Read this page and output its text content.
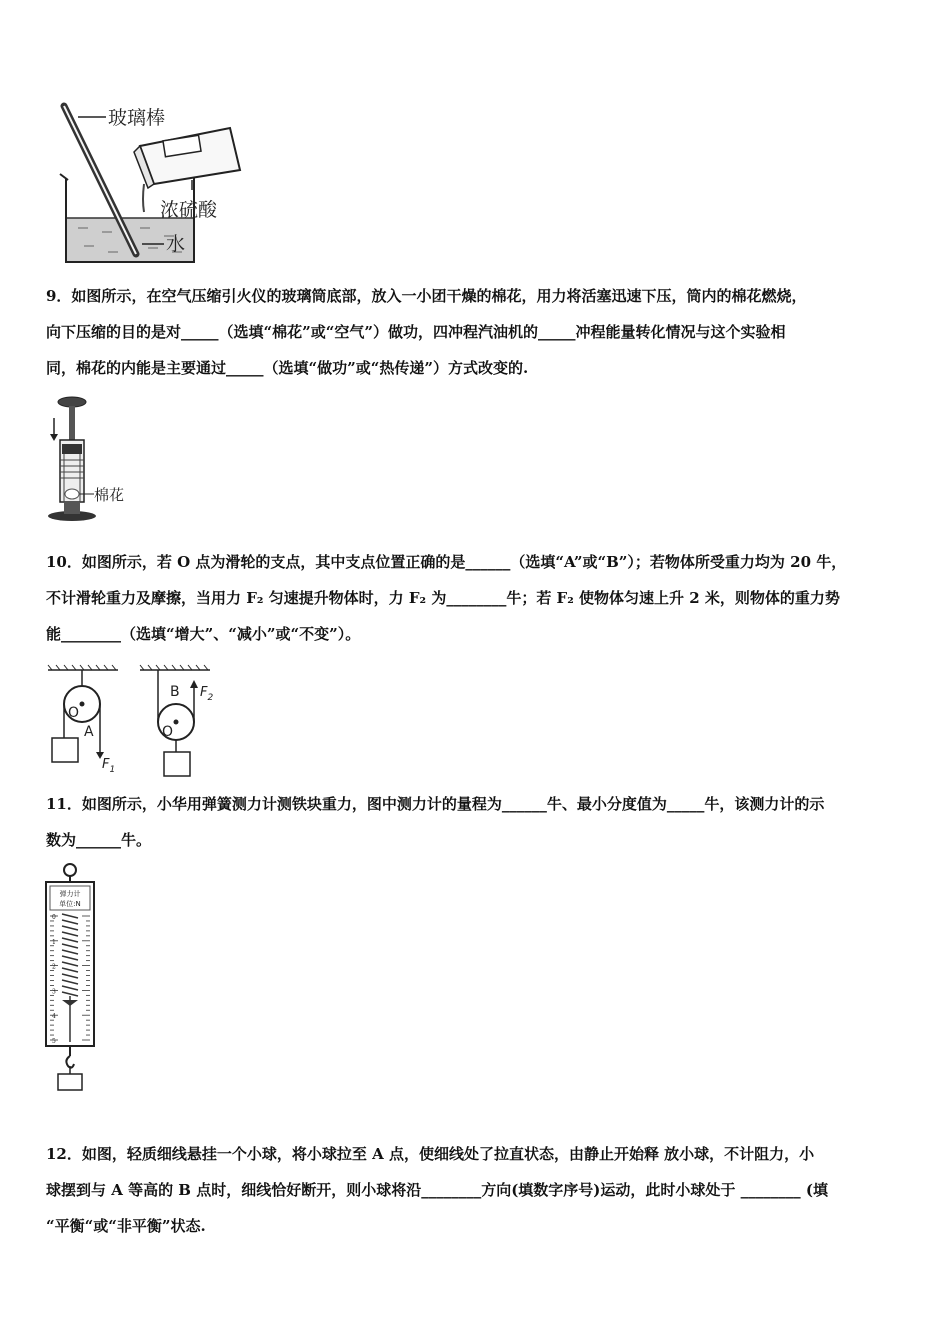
玻璃棒
浓硫酸
水

9．如图所示，在空气压缩引火仪的玻璃筒底部，放入一小团干燥的棉花，用力将活塞迅速下压，筒内的棉花燃烧，

向下压缩的目的是对_____（选填“棉花”或“空气”）做功，四冲程汽油机的_____冲程能量转化情况与这个实验相

同，棉花的内能是主要通过_____（选填“做功”或“热传递”）方式改变的.

棉花

10．如图所示，若 O 点为滑轮的支点，其中支点位置正确的是______（选填“A”或“B”）；若物体所受重力均为 20 牛，

不计滑轮重力及摩擦，当用力 F₂ 匀速提升物体时，力 F₂ 为________牛；若 F₂ 使物体匀速上升 2 米，则物体的重力势

能________（选填“增大”、“减小”或“不变”）。

O
A
$F_1$
B
O
$F_2$

11．如图所示，小华用弹簧测力计测铁块重力，图中测力计的量程为______牛、最小分度值为_____牛，该测力计的示

数为______牛。

弹力计
单位:N
0
1
2
3
4
5

12．如图，轻质细线悬挂一个小球，将小球拉至 A 点，使细线处了拉直状态，由静止开始释 放小球，不计阻力，小

球摆到与 A 等高的 B 点时，细线恰好断开，则小球将沿________方向(填数字序号)运动，此时小球处于 ________ (填

“平衡“或“非平衡”状态.
